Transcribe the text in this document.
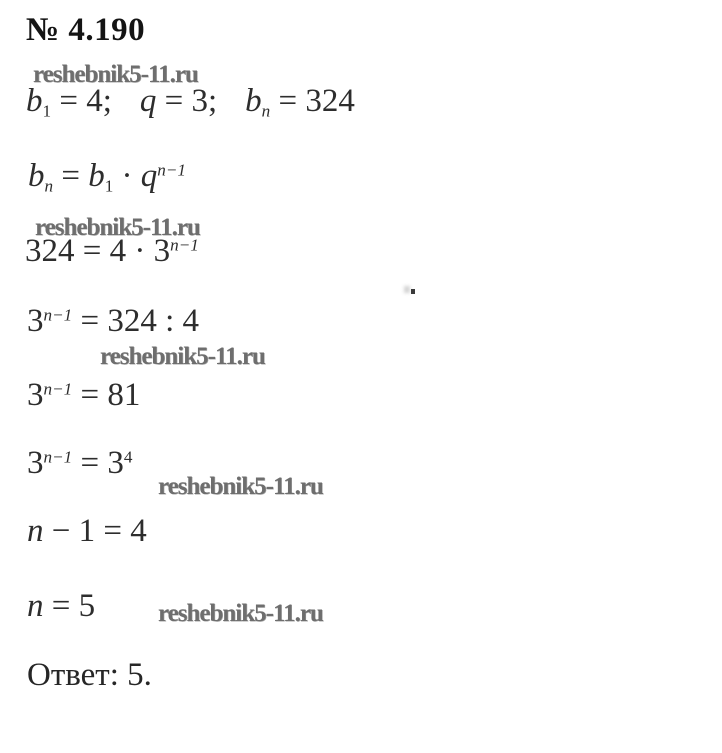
№ 4.190
reshebnik5-11.ru
$b_1 = 4$; q = 3; bn = 324
bn = $b_1 \cdot q^{n-1}$
reshebnik5-11.ru
$324 = 4 \cdot 3^{n-1}$
$3^{n-1} = 324$ : 4
reshebnik5-11.ru
$3^{n-1} = 81$
$3^{n-1} = 3^4$
reshebnik5-11.ru
n − 1 = 4
n = 5	reshebnik5-11.ru
Ответ: 5.
